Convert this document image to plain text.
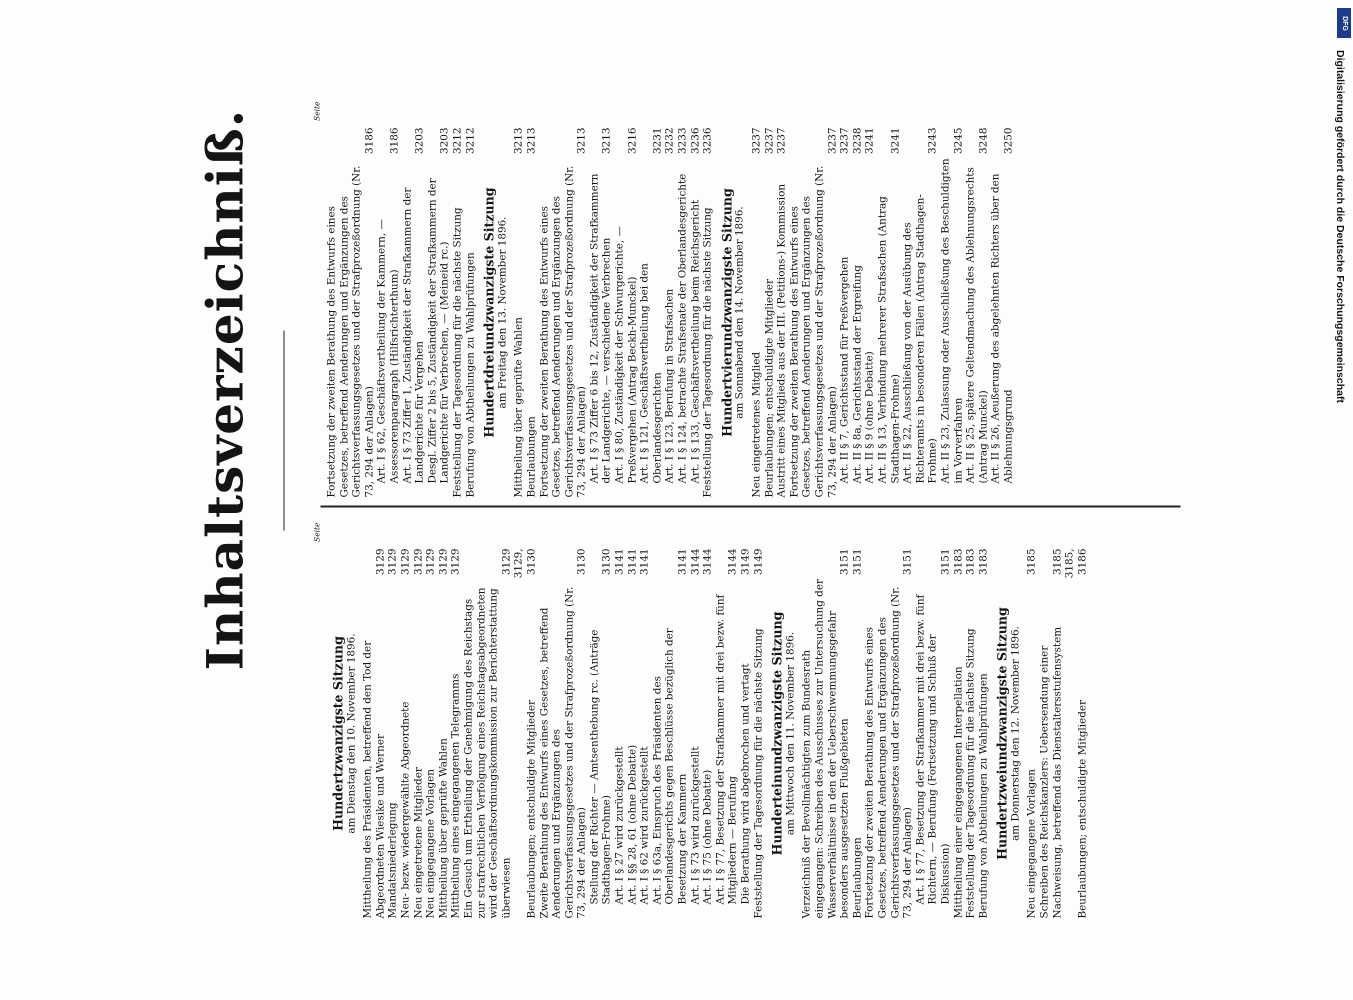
Inhaltsverzeichniß.	Seite
Hundertzwanzigste Sitzung am Dienstag den 10. November 1896. Mittheilung des Präsidenten, betreffend den Tod der Abgeordneten Wiesike und Werner
3129
Mandatsniederlegung
3129
Neu- bezw. wiedergewählte Abgeordnete
3129
Neu eingetretene Mitglieder
3129
Neu eingegangene Vorlagen
3129
Mittheilung über geprüfte Wahlen
3129
Mittheilung eines eingegangenen Telegramms
3129
Ein Gesuch um Ertheilung der Genehmigung des Reichstags zur strafrechtlichen Verfolgung eines Reichstagsabgeordneten wird der Geschäftsordnungskommission zur Berichterstattung überwiesen
3129
Beurlaubungen; entschuldigte Mitglieder
3129, 3130
Zweite Berathung des Entwurfs eines Gesetzes, betreffend Aenderungen und Ergänzungen des Gerichtsverfassungsgesetzes und der Strafprozeßordnung (Nr. 73, 294 der Anlagen)
3130
Stellung der Richter — Amtsenthebung rc. (Anträge Stadthagen-Frohme)
3130
Art. I § 27 wird zurückgestellt
3141
Art. I §§ 28, 61 (ohne Debatte)
3141
Art. I § 62 wird zurückgestellt
3141
Art. I § 63a, Einspruch des Präsidenten des Oberlandesgerichts gegen Beschlüsse bezüglich der Besetzung der Kammern
3141
Art. I § 73 wird zurückgestellt
3144
Art. I § 75 (ohne Debatte)
3144
Art. I § 77, Besetzung der Strafkammer mit drei bezw. fünf Mitgliedern — Berufung
3144
Die Berathung wird abgebrochen und vertagt
3149
Feststellung der Tagesordnung für die nächste Sitzung
3149
Hunderteinundzwanzigste Sitzung am Mittwoch den 11. November 1896. Verzeichniß der Bevollmächtigten zum Bundesrath eingegangen: Schreiben des Ausschusses zur Untersuchung der Wasserverhältnisse in den der Ueberschwemmungsgefahr besonders ausgesetzten Flußgebieten
3151
Beurlaubungen
3151
Fortsetzung der zweiten Berathung des Entwurfs eines Gesetzes, betreffend Aenderungen und Ergänzungen des Gerichtsverfassungsgesetzes und der Strafprozeßordnung (Nr. 73, 294 der Anlagen)
3151
Art. I § 77, Besetzung der Strafkammer mit drei bezw. fünf Richtern, — Berufung (Fortsetzung und Schluß der Diskussion)
3151
Mittheilung einer eingegangenen Interpellation
3183
Feststellung der Tagesordnung für die nächste Sitzung
3183
Berufung von Abtheilungen zu Wahlprüfungen
3183
Hundertzweiundzwanzigste Sitzung am Donnerstag den 12. November 1896.
Neu eingegangene Vorlagen
3185
Schreiben des Reichskanzlers: Uebersendung einer Nachweisung, betreffend das Dienstaltersstufensystem
3185
Beurlaubungen; entschuldigte Mitglieder
3185, 3186
Seite
Fortsetzung der zweiten Berathung des Entwurfs eines Gesetzes, betreffend Aenderungen und Ergänzungen des Gerichtsverfassungsgesetzes und der Strafprozeßordnung (Nr. 73, 294 der Anlagen)
3186
Art. I § 62, Geschäftsvertheilung der Kammern, — Assessorenparagraph (Hilfsrichterthum)
3186
Art. I § 73 Ziffer 1, Zuständigkeit der Strafkammern der Landgerichte für Vergehen
3203
Desgl. Ziffer 2 bis 5, Zuständigkeit der Strafkammern der Landgerichte für Verbrechen, — (Meineid rc.)
3203
Feststellung der Tagesordnung für die nächste Sitzung
3212
Berufung von Abtheilungen zu Wahlprüfungen
3212
Hundertdreiundzwanzigste Sitzung am Freitag den 13. November 1896. Mittheilung über geprüfte Wahlen
3213
Beurlaubungen
3213
Fortsetzung der zweiten Berathung des Entwurfs eines Gesetzes, betreffend Aenderungen und Ergänzungen des Gerichtsverfassungsgesetzes und der Strafprozeßordnung (Nr. 73, 294 der Anlagen)
3213
Art. I § 73 Ziffer 6 bis 12, Zuständigkeit der Strafkammern der Landgerichte, — verschiedene Verbrechen
3213
Art. I § 80, Zuständigkeit der Schwurgerichte, — Preßvergehen (Antrag Beckh-Munckel)
3216
Art. I § 121, Geschäftsvertheilung bei den Oberlandesgerichten
3231
Art. I § 123, Berufung in Strafsachen
3232
Art. I § 124, betrachte Strafsenate der Oberlandesgerichte
3233
Art. I § 133, Geschäftsvertheilung beim Reichsgericht
3236
Feststellung der Tagesordnung für die nächste Sitzung
3236
Hundertvierundzwanzigste Sitzung am Sonnabend den 14. November 1896.
Neu eingetretenes Mitglied
3237
Beurlaubungen; entschuldigte Mitglieder
3237
Austritt eines Mitglieds aus der III. (Petitions-) Kommission
3237
Fortsetzung der zweiten Berathung des Entwurfs eines Gesetzes, betreffend Aenderungen und Ergänzungen des Gerichtsverfassungsgesetzes und der Strafprozeßordnung (Nr. 73, 294 der Anlagen)
3237
Art. II § 7, Gerichtsstand für Preßvergehen
3237
Art. II § 8a, Gerichtsstand der Ergreifung
3238
Art. II § 9 (ohne Debatte)
3241
Art. II § 13, Verbindung mehrerer Strafsachen (Antrag Stadthagen-Frohme)
3241
Art. II § 22, Ausschließung von der Ausübung des Richteramts in besonderen Fällen (Antrag Stadthagen-Frohme)
3243
Art. II § 23, Zulassung oder Ausschließung des Beschuldigten im Vorverfahren
3245
Art. II § 25, spätere Geltendmachung des Ablehnungsrechts (Antrag Munckel)
3248
Art. II § 26, Aeußerung des abgelehnten Richters über den Ablehnungsgrund
3250
DFG
Digitalisierung gefördert durch die Deutsche Forschungsgemeinschaft
